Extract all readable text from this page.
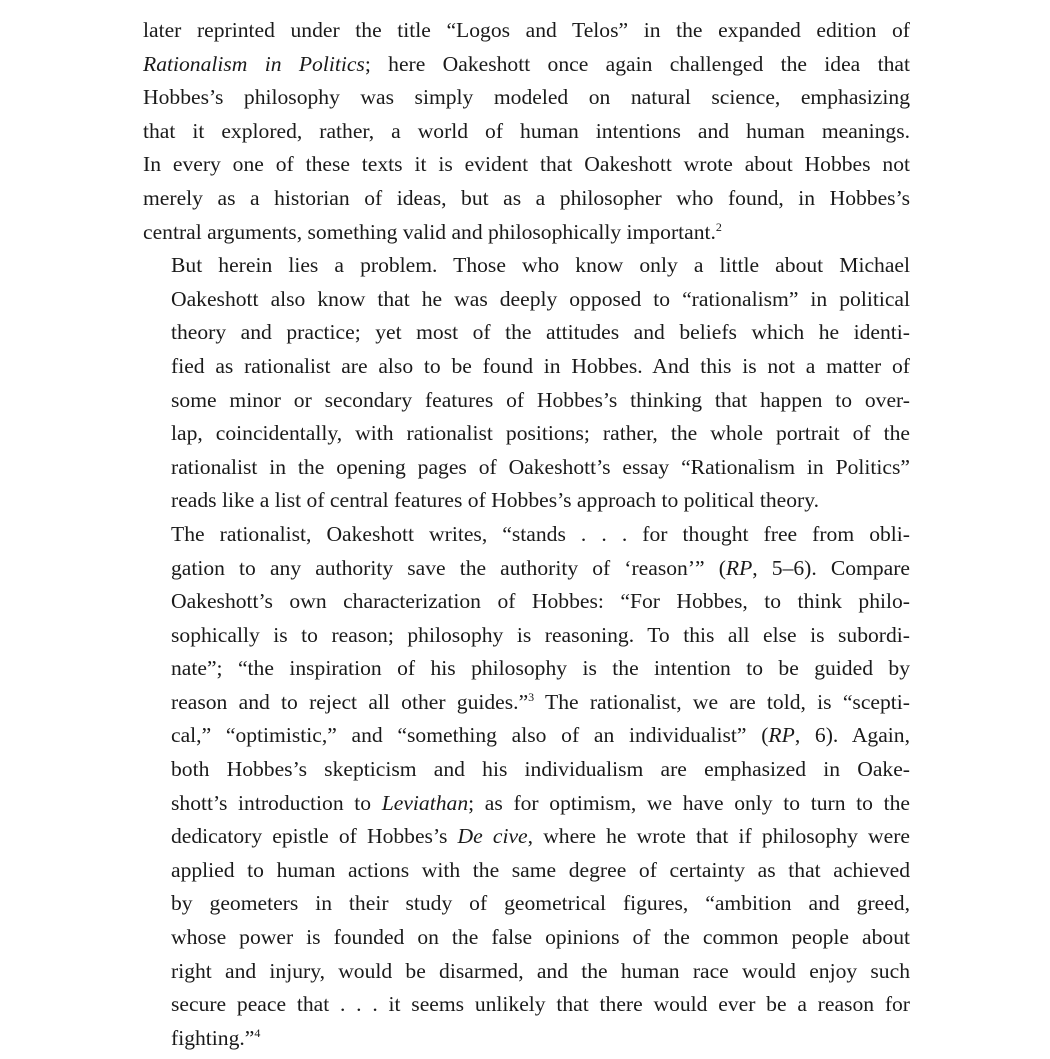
later reprinted under the title “Logos and Telos” in the expanded edition of
Rationalism in Politics; here Oakeshott once again challenged the idea that
Hobbes’s philosophy was simply modeled on natural science, emphasizing
that it explored, rather, a world of human intentions and human meanings.
In every one of these texts it is evident that Oakeshott wrote about Hobbes not
merely as a historian of ideas, but as a philosopher who found, in Hobbes’s
central arguments, something valid and philosophically important.$^2$
But herein lies a problem. Those who know only a little about Michael
Oakeshott also know that he was deeply opposed to “rationalism” in political
theory and practice; yet most of the attitudes and beliefs which he identi-
fied as rationalist are also to be found in Hobbes. And this is not a matter of
some minor or secondary features of Hobbes’s thinking that happen to over-
lap, coincidentally, with rationalist positions; rather, the whole portrait of the
rationalist in the opening pages of Oakeshott’s essay “Rationalism in Politics”
reads like a list of central features of Hobbes’s approach to political theory.
The rationalist, Oakeshott writes, “stands . . . for thought free from obli-
gation to any authority save the authority of ‘reason’” (RP, 5–6). Compare
Oakeshott’s own characterization of Hobbes: “For Hobbes, to think philo-
sophically is to reason; philosophy is reasoning. To this all else is subordi-
nate”; “the inspiration of his philosophy is the intention to be guided by
reason and to reject all other guides.”$^3$ The rationalist, we are told, is “scepti-
cal,” “optimistic,” and “something also of an individualist” (RP, 6). Again,
both Hobbes’s skepticism and his individualism are emphasized in Oake-
shott’s introduction to Leviathan; as for optimism, we have only to turn to the
dedicatory epistle of Hobbes’s De cive, where he wrote that if philosophy were
applied to human actions with the same degree of certainty as that achieved
by geometers in their study of geometrical figures, “ambition and greed,
whose power is founded on the false opinions of the common people about
right and injury, would be disarmed, and the human race would enjoy such
secure peace that . . . it seems unlikely that there would ever be a reason for
fighting.”$^4$
